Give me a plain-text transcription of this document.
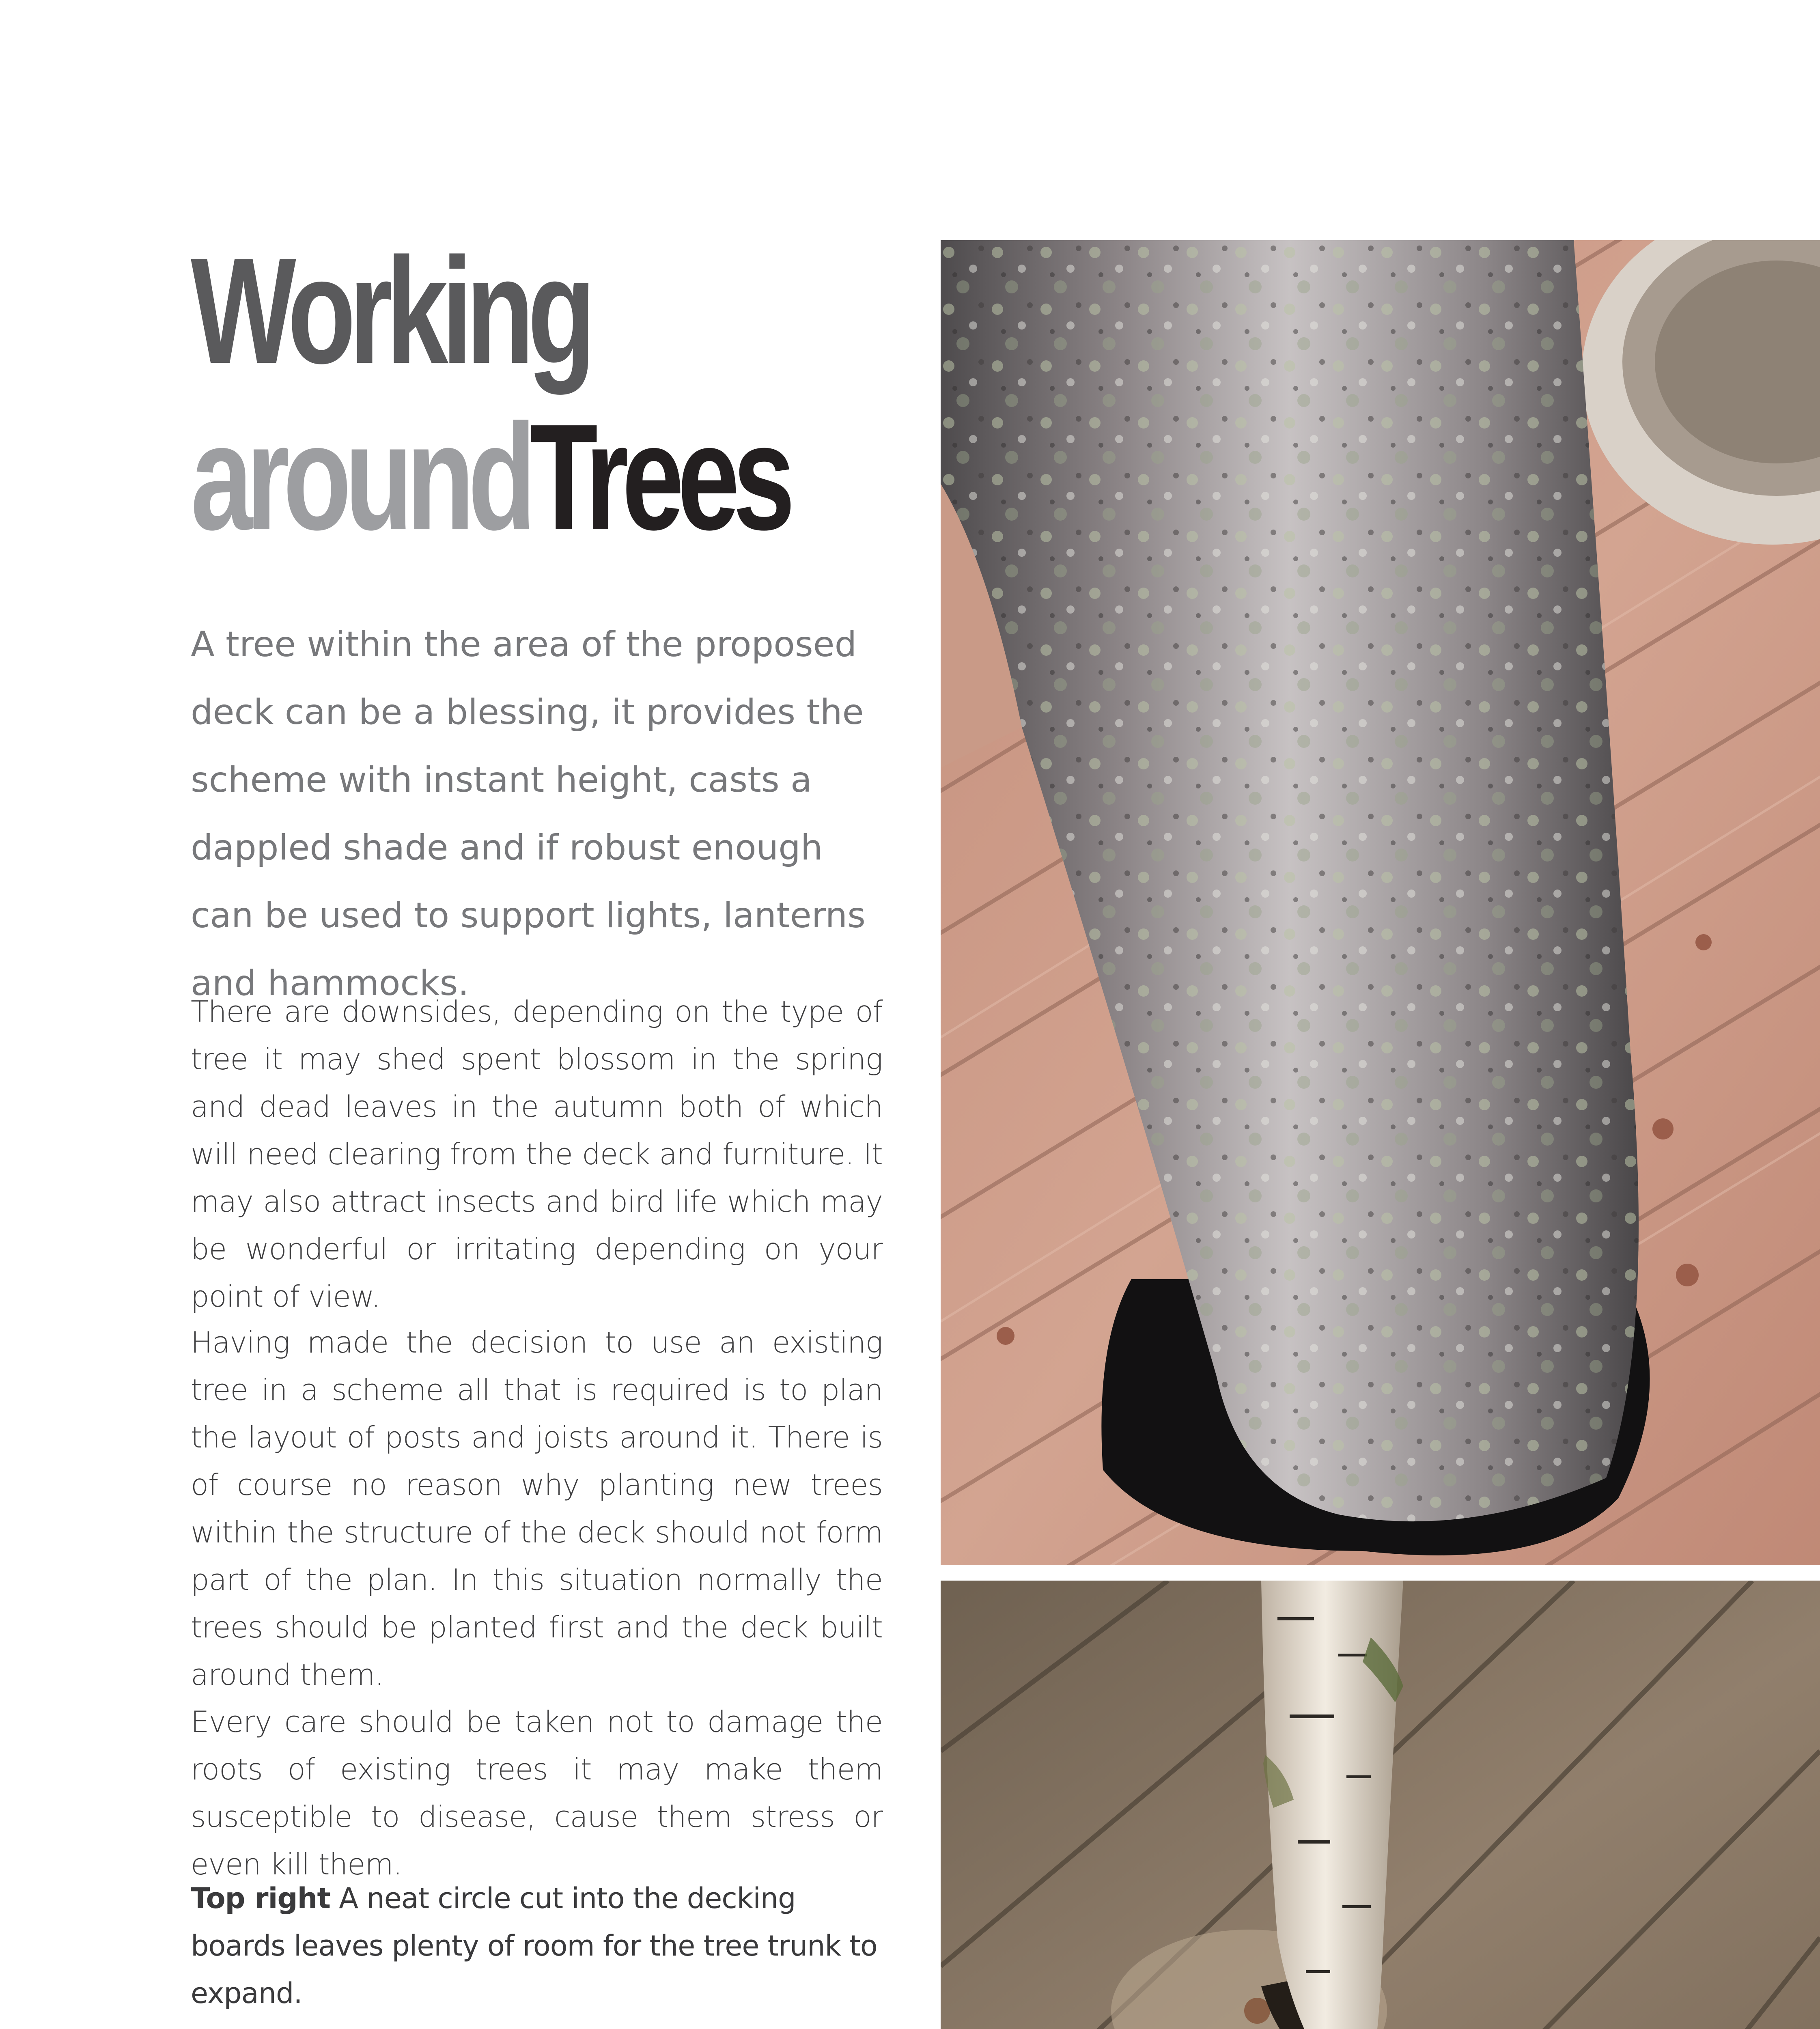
Working
aroundTrees

A tree within the area of the proposed deck can be a blessing, it provides the scheme with instant height, casts a dappled shade and if robust enough can be used to support lights, lanterns and hammocks.

There are downsides, depending on the type of tree it may shed spent blossom in the spring and dead leaves in the autumn both of which will need clearing from the deck and furniture. It may also attract insects and bird life which may be wonderful or irritating depending on your point of view.

Having made the decision to use an existing tree in a scheme all that is required is to plan the layout of posts and joists around it. There is of course no reason why planting new trees within the structure of the deck should not form part of the plan. In this situation normally the trees should be planted first and the deck built around them.

Every care should be taken not to damage the roots of existing trees it may make them susceptible to disease, cause them stress or even kill them.

Top right A neat circle cut into the decking boards leaves plenty of room for the tree trunk to expand.
